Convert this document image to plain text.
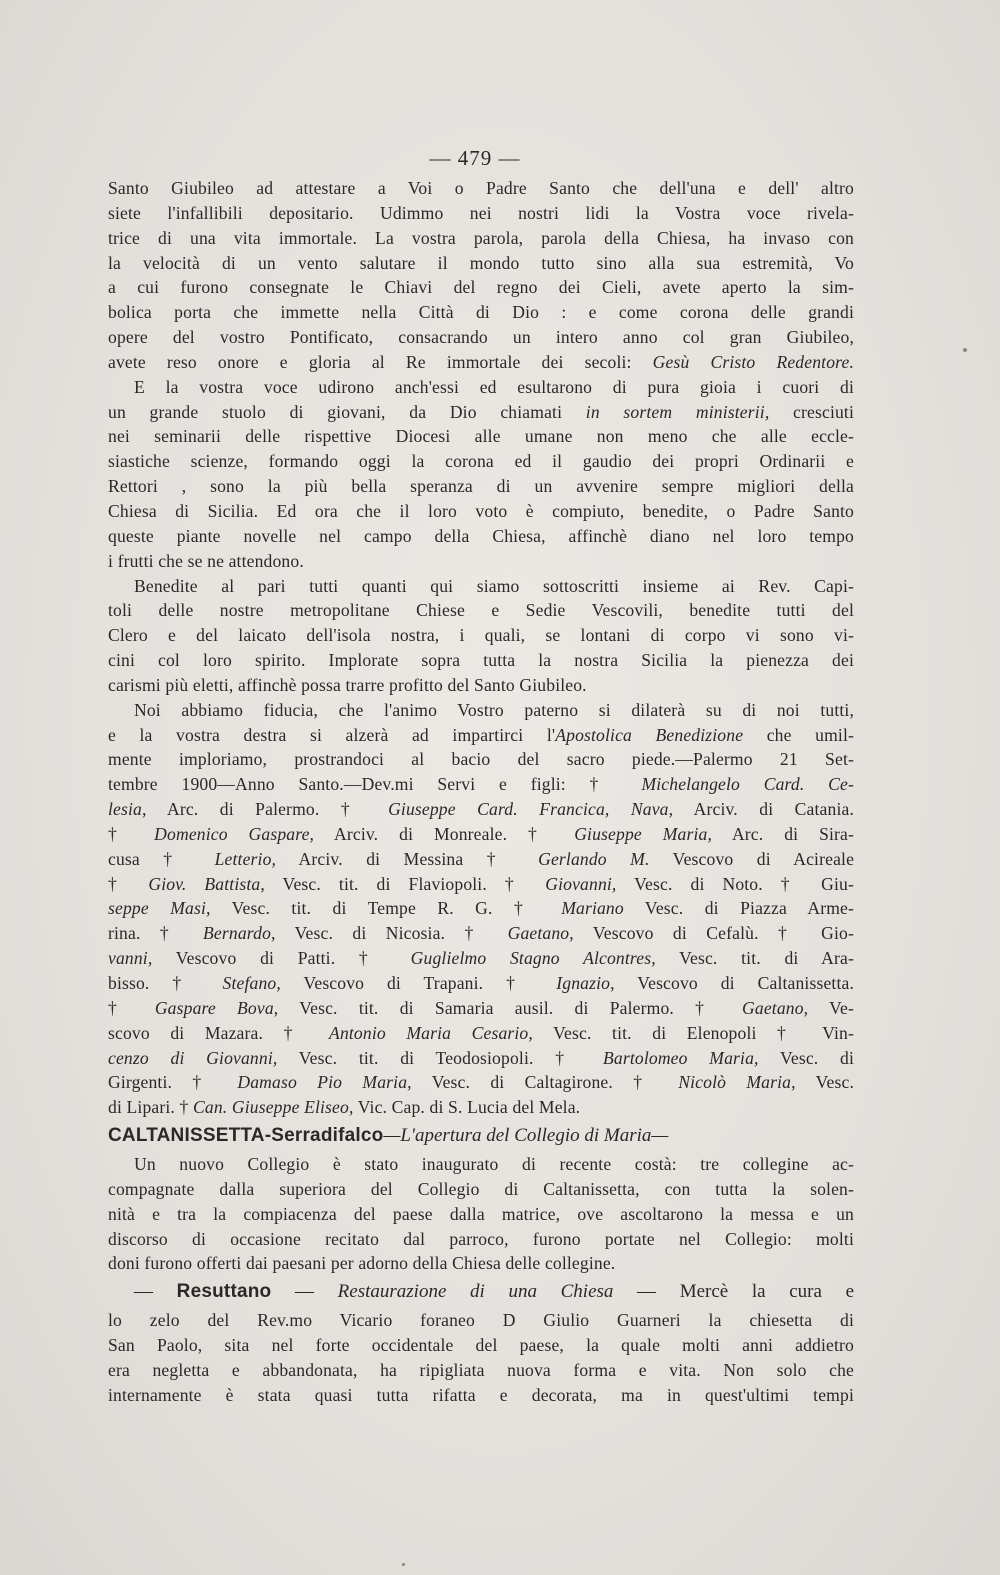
— 479 —
Santo Giubileo ad attestare a Voi o Padre Santo che dell'una e dell' altro
siete l'infallibili depositario. Udimmo nei nostri lidi la Vostra voce rivela-
trice di una vita immortale. La vostra parola, parola della Chiesa, ha invaso con
la velocità di un vento salutare il mondo tutto sino alla sua estremità, Vo
a cui furono consegnate le Chiavi del regno dei Cieli, avete aperto la sim-
bolica porta che immette nella Città di Dio : e come corona delle grandi
opere del vostro Pontificato, consacrando un intero anno col gran Giubileo,
avete reso onore e gloria al Re immortale dei secoli: Gesù Cristo Redentore.
E la vostra voce udirono anch'essi ed esultarono di pura gioia i cuori di
un grande stuolo di giovani, da Dio chiamati in sortem ministerii, cresciuti
nei seminarii delle rispettive Diocesi alle umane non meno che alle eccle-
siastiche scienze, formando oggi la corona ed il gaudio dei propri Ordinarii e
Rettori , sono la più bella speranza di un avvenire sempre migliori della
Chiesa di Sicilia. Ed ora che il loro voto è compiuto, benedite, o Padre Santo
queste piante novelle nel campo della Chiesa, affinchè diano nel loro tempo
i frutti che se ne attendono.
Benedite al pari tutti quanti qui siamo sottoscritti insieme ai Rev. Capi-
toli delle nostre metropolitane Chiese e Sedie Vescovili, benedite tutti del
Clero e del laicato dell'isola nostra, i quali, se lontani di corpo vi sono vi-
cini col loro spirito. Implorate sopra tutta la nostra Sicilia la pienezza dei
carismi più eletti, affinchè possa trarre profitto del Santo Giubileo.
Noi abbiamo fiducia, che l'animo Vostro paterno si dilaterà su di noi tutti,
e la vostra destra si alzerà ad impartirci l'Apostolica Benedizione che umil-
mente imploriamo, prostrandoci al bacio del sacro piede.—Palermo 21 Set-
tembre 1900—Anno Santo.—Dev.mi Servi e figli: † Michelangelo Card. Ce-
lesia, Arc. di Palermo. † Giuseppe Card. Francica, Nava, Arciv. di Catania.
† Domenico Gaspare, Arciv. di Monreale. † Giuseppe Maria, Arc. di Sira-
cusa † Letterio, Arciv. di Messina † Gerlando M. Vescovo di Acireale
† Giov. Battista, Vesc. tit. di Flaviopoli. † Giovanni, Vesc. di Noto. † Giu-
seppe Masi, Vesc. tit. di Tempe R. G. † Mariano Vesc. di Piazza Arme-
rina. † Bernardo, Vesc. di Nicosia. † Gaetano, Vescovo di Cefalù. † Gio-
vanni, Vescovo di Patti. † Guglielmo Stagno Alcontres, Vesc. tit. di Ara-
bisso. † Stefano, Vescovo di Trapani. † Ignazio, Vescovo di Caltanissetta.
† Gaspare Bova, Vesc. tit. di Samaria ausil. di Palermo. † Gaetano, Ve-
scovo di Mazara. † Antonio Maria Cesario, Vesc. tit. di Elenopoli † Vin-
cenzo di Giovanni, Vesc. tit. di Teodosiopoli. † Bartolomeo Maria, Vesc. di
Girgenti. † Damaso Pio Maria, Vesc. di Caltagirone. † Nicolò Maria, Vesc.
di Lipari. † Can. Giuseppe Eliseo, Vic. Cap. di S. Lucia del Mela.
CALTANISSETTA-Serradifalco—L'apertura del Collegio di Maria—
Un nuovo Collegio è stato inaugurato di recente costà: tre collegine ac-
compagnate dalla superiora del Collegio di Caltanissetta, con tutta la solen-
nità e tra la compiacenza del paese dalla matrice, ove ascoltarono la messa e un
discorso di occasione recitato dal parroco, furono portate nel Collegio: molti
doni furono offerti dai paesani per adorno della Chiesa delle collegine.
— Resuttano — Restaurazione di una Chiesa — Mercè la cura e
lo zelo del Rev.mo Vicario foraneo D Giulio Guarneri la chiesetta di
San Paolo, sita nel forte occidentale del paese, la quale molti anni addietro
era negletta e abbandonata, ha ripigliata nuova forma e vita. Non solo che
internamente è stata quasi tutta rifatta e decorata, ma in quest'ultimi tempi
